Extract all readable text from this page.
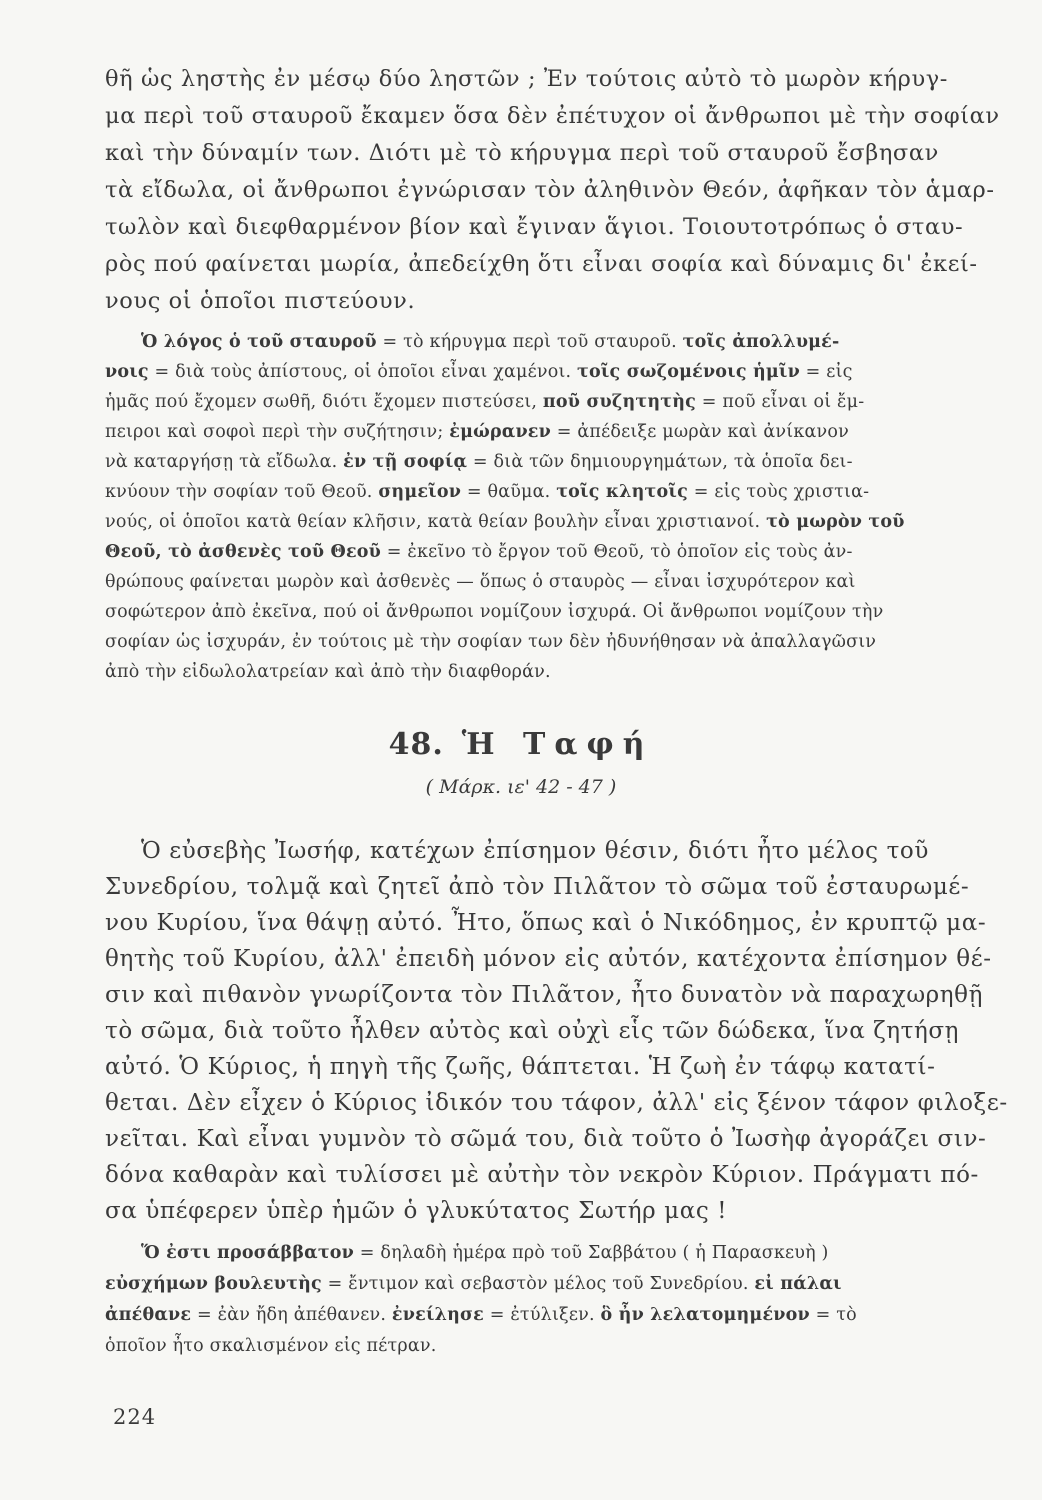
θῆ ὡς ληστὴς ἐν μέσῳ δύο ληστῶν ; Ἐν τούτοις αὐτὸ τὸ μωρὸν κήρυγ-
μα περὶ τοῦ σταυροῦ ἔκαμεν ὅσα δὲν ἐπέτυχον οἱ ἄνθρωποι μὲ τὴν σοφίαν
καὶ τὴν δύναμίν των. Διότι μὲ τὸ κήρυγμα περὶ τοῦ σταυροῦ ἔσβησαν
τὰ εἴδωλα, οἱ ἄνθρωποι ἐγνώρισαν τὸν ἀληθινὸν Θεόν, ἀφῆκαν τὸν ἁμαρ-
τωλὸν καὶ διεφθαρμένον βίον καὶ ἔγιναν ἅγιοι. Τοιουτοτρόπως ὁ σταυ-
ρὸς πού φαίνεται μωρία, ἀπεδείχθη ὅτι εἶναι σοφία καὶ δύναμις δι' ἐκεί-
νους οἱ ὁποῖοι πιστεύουν.
Ὁ λόγος ὁ τοῦ σταυροῦ = τὸ κήρυγμα περὶ τοῦ σταυροῦ. τοῖς ἀπολλυμέ-
νοις = διὰ τοὺς ἀπίστους, οἱ ὁποῖοι εἶναι χαμένοι. τοῖς σωζομένοις ἡμῖν = εἰς
ἡμᾶς πού ἔχομεν σωθῆ, διότι ἔχομεν πιστεύσει, ποῦ συζητητὴς = ποῦ εἶναι οἱ ἔμ-
πειροι καὶ σοφοὶ περὶ τὴν συζήτησιν; ἐμώρανεν = ἀπέδειξε μωρὰν καὶ ἀνίκανον
νὰ καταργήσῃ τὰ εἴδωλα. ἐν τῇ σοφίᾳ = διὰ τῶν δημιουργημάτων, τὰ ὁποῖα δει-
κνύουν τὴν σοφίαν τοῦ Θεοῦ. σημεῖον = θαῦμα. τοῖς κλητοῖς = εἰς τοὺς χριστια-
νούς, οἱ ὁποῖοι κατὰ θείαν κλῆσιν, κατὰ θείαν βουλὴν εἶναι χριστιανοί. τὸ μωρὸν τοῦ
Θεοῦ, τὸ ἀσθενὲς τοῦ Θεοῦ = ἐκεῖνο τὸ ἔργον τοῦ Θεοῦ, τὸ ὁποῖον εἰς τοὺς ἀν-
θρώπους φαίνεται μωρὸν καὶ ἀσθενὲς — ὅπως ὁ σταυρὸς — εἶναι ἰσχυρότερον καὶ
σοφώτερον ἀπὸ ἐκεῖνα, πού οἱ ἄνθρωποι νομίζουν ἰσχυρά. Οἱ ἄνθρωποι νομίζουν τὴν
σοφίαν ὡς ἰσχυράν, ἐν τούτοις μὲ τὴν σοφίαν των δὲν ἠδυνήθησαν νὰ ἀπαλλαγῶσιν
ἀπὸ τὴν εἰδωλολατρείαν καὶ ἀπὸ τὴν διαφθοράν.
48. Ἡ Ταφή
( Μάρκ. ιε' 42 - 47 )
Ὁ εὐσεβὴς Ἰωσήφ, κατέχων ἐπίσημον θέσιν, διότι ἦτο μέλος τοῦ
Συνεδρίου, τολμᾷ καὶ ζητεῖ ἀπὸ τὸν Πιλᾶτον τὸ σῶμα τοῦ ἐσταυρωμέ-
νου Κυρίου, ἵνα θάψῃ αὐτό. Ἦτο, ὅπως καὶ ὁ Νικόδημος, ἐν κρυπτῷ μα-
θητὴς τοῦ Κυρίου, ἀλλ' ἐπειδὴ μόνον εἰς αὐτόν, κατέχοντα ἐπίσημον θέ-
σιν καὶ πιθανὸν γνωρίζοντα τὸν Πιλᾶτον, ἦτο δυνατὸν νὰ παραχωρηθῇ
τὸ σῶμα, διὰ τοῦτο ἦλθεν αὐτὸς καὶ οὐχὶ εἷς τῶν δώδεκα, ἵνα ζητήσῃ
αὐτό. Ὁ Κύριος, ἡ πηγὴ τῆς ζωῆς, θάπτεται. Ἡ ζωὴ ἐν τάφῳ κατατί-
θεται. Δὲν εἶχεν ὁ Κύριος ἰδικόν του τάφον, ἀλλ' εἰς ξένον τάφον φιλοξε-
νεῖται. Καὶ εἶναι γυμνὸν τὸ σῶμά του, διὰ τοῦτο ὁ Ἰωσὴφ ἀγοράζει σιν-
δόνα καθαρὰν καὶ τυλίσσει μὲ αὐτὴν τὸν νεκρὸν Κύριον. Πράγματι πό-
σα ὑπέφερεν ὑπὲρ ἡμῶν ὁ γλυκύτατος Σωτήρ μας !
Ὅ ἐστι προσάββατον = δηλαδὴ ἡμέρα πρὸ τοῦ Σαββάτου ( ἡ Παρασκευὴ )
εὐσχήμων βουλευτὴς = ἔντιμον καὶ σεβαστὸν μέλος τοῦ Συνεδρίου. εἰ πάλαι
ἀπέθανε = ἐὰν ἤδη ἀπέθανεν. ἐνείλησε = ἐτύλιξεν. ὃ ἦν λελατομημένον = τὸ
ὁποῖον ἦτο σκαλισμένον εἰς πέτραν.
224
